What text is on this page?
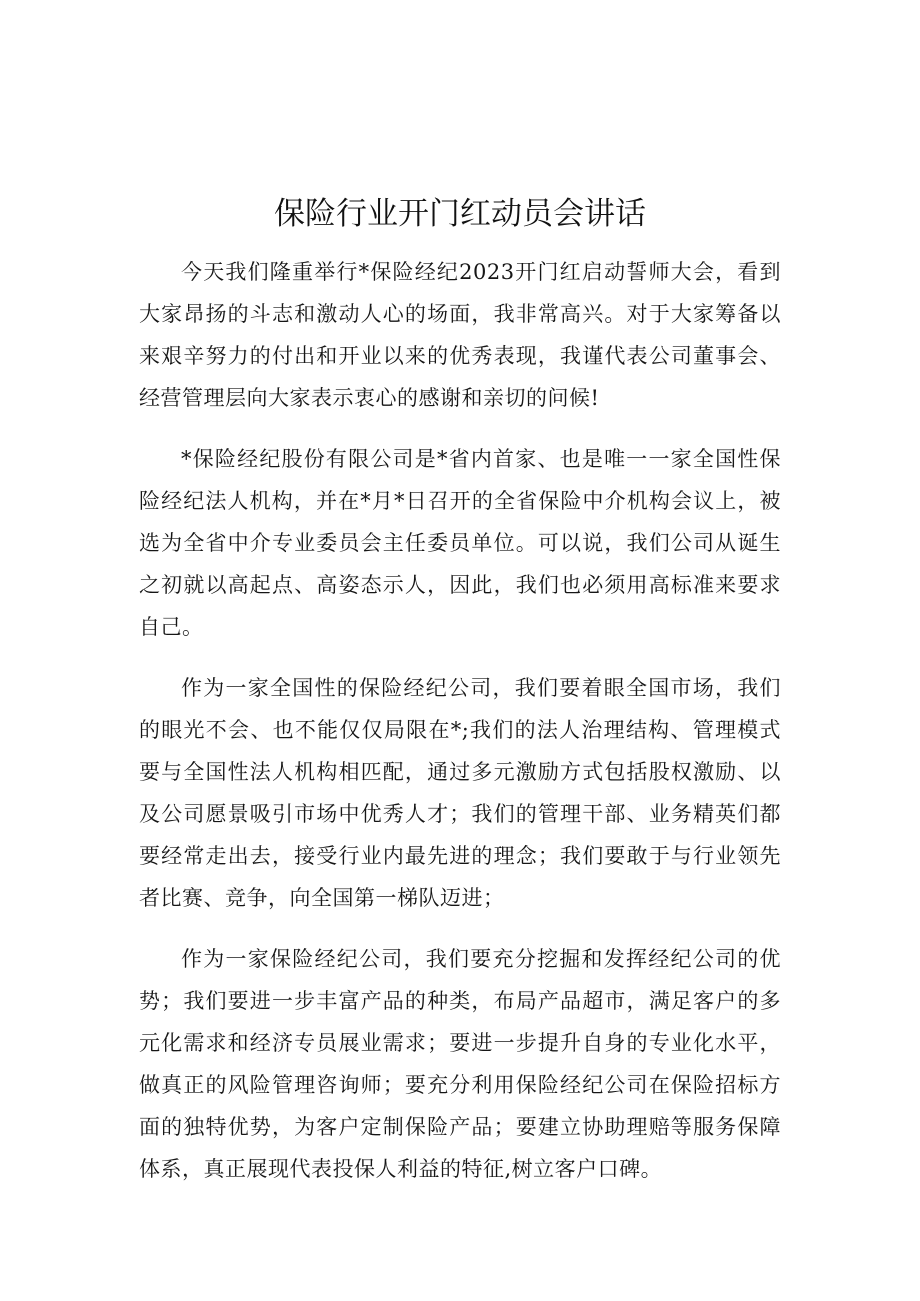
保险行业开门红动员会讲话

今天我们隆重举行*保险经纪2023开门红启动誓师大会，看到大家昂扬的斗志和激动人心的场面，我非常高兴。对于大家筹备以来艰辛努力的付出和开业以来的优秀表现，我谨代表公司董事会、经营管理层向大家表示衷心的感谢和亲切的问候!

*保险经纪股份有限公司是*省内首家、也是唯一一家全国性保险经纪法人机构，并在*月*日召开的全省保险中介机构会议上，被选为全省中介专业委员会主任委员单位。可以说，我们公司从诞生之初就以高起点、高姿态示人，因此，我们也必须用高标准来要求自己。

作为一家全国性的保险经纪公司，我们要着眼全国市场，我们的眼光不会、也不能仅仅局限在*;我们的法人治理结构、管理模式要与全国性法人机构相匹配，通过多元激励方式包括股权激励、以及公司愿景吸引市场中优秀人才；我们的管理干部、业务精英们都要经常走出去，接受行业内最先进的理念；我们要敢于与行业领先者比赛、竞争，向全国第一梯队迈进；

作为一家保险经纪公司，我们要充分挖掘和发挥经纪公司的优势；我们要进一步丰富产品的种类，布局产品超市，满足客户的多元化需求和经济专员展业需求；要进一步提升自身的专业化水平，做真正的风险管理咨询师；要充分利用保险经纪公司在保险招标方面的独特优势，为客户定制保险产品；要建立协助理赔等服务保障体系，真正展现代表投保人利益的特征,树立客户口碑。
